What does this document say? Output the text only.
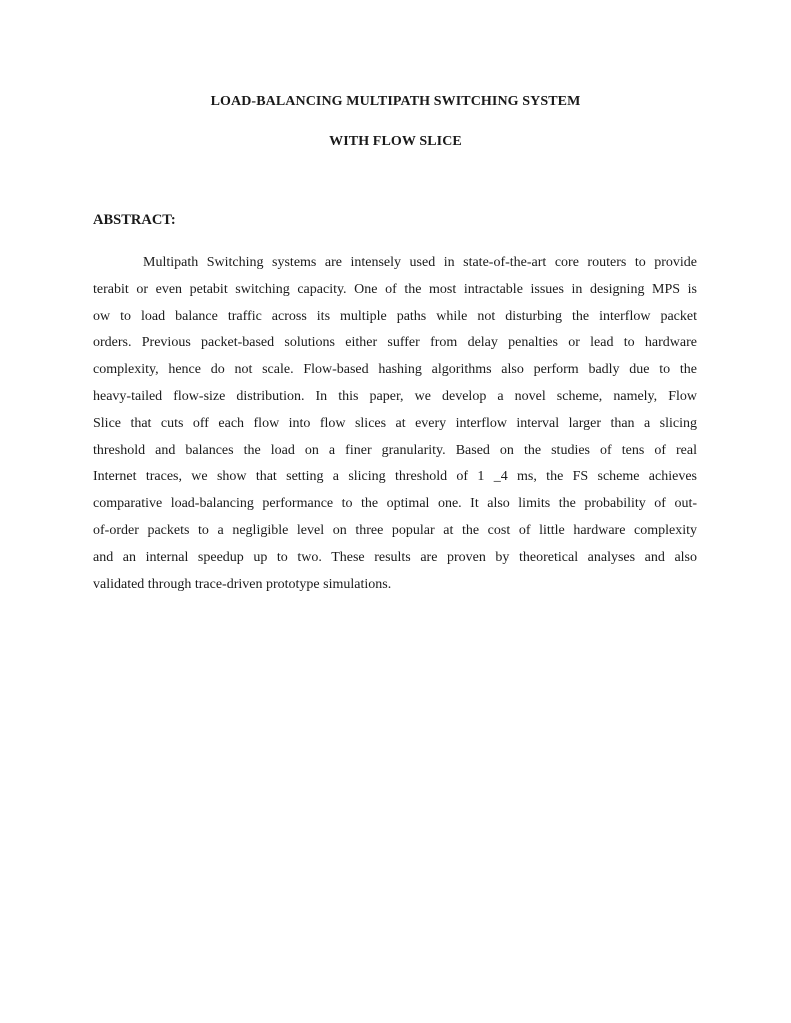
LOAD-BALANCING MULTIPATH SWITCHING SYSTEM
WITH FLOW SLICE
ABSTRACT:
Multipath Switching systems are intensely used in state-of-the-art core routers to provide
terabit or even petabit switching capacity. One of the most intractable issues in designing MPS is
ow to load balance traffic across its multiple paths while not disturbing the interflow packet
orders. Previous packet-based solutions either suffer from delay penalties or lead to hardware
complexity, hence do not scale. Flow-based hashing algorithms also perform badly due to the
heavy-tailed flow-size distribution. In this paper, we develop a novel scheme, namely, Flow
Slice that cuts off each flow into flow slices at every interflow interval larger than a slicing
threshold and balances the load on a finer granularity. Based on the studies of tens of real
Internet traces, we show that setting a slicing threshold of 1 _4 ms, the FS scheme achieves
comparative load-balancing performance to the optimal one. It also limits the probability of out-
of-order packets to a negligible level on three popular at the cost of little hardware complexity
and an internal speedup up to two. These results are proven by theoretical analyses and also
validated through trace-driven prototype simulations.
